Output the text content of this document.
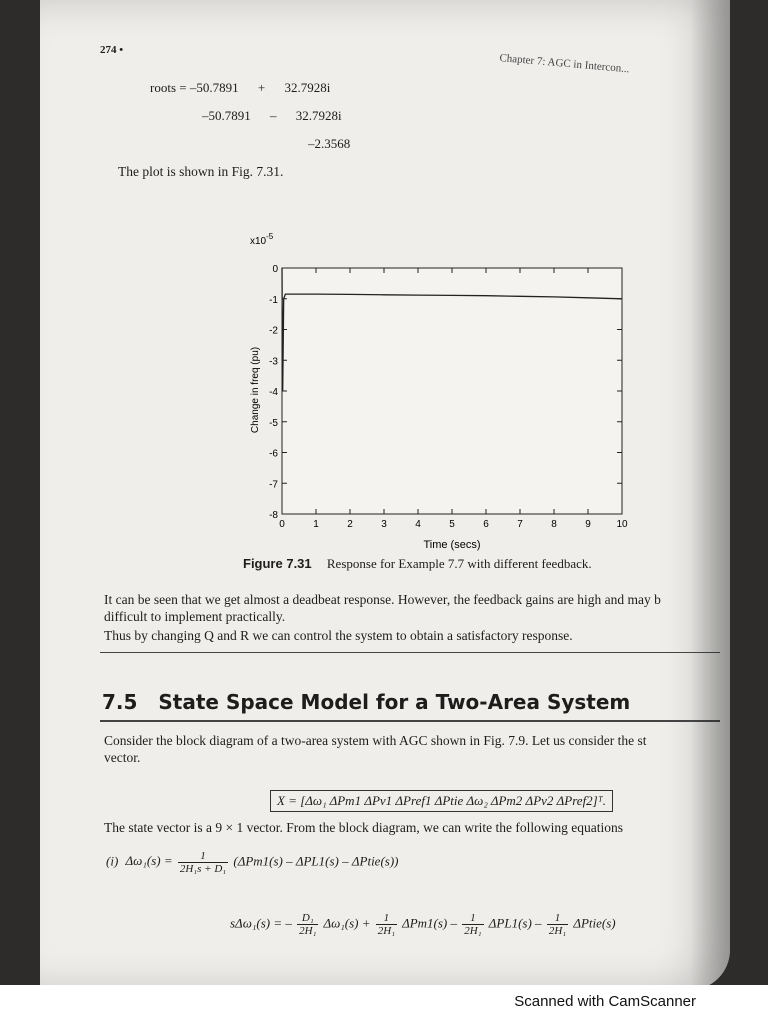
274 •
Chapter 7: AGC in Intercon...
roots = –50.7891 + 32.7928i
–50.7891 – 32.7928i
–2.3568
The plot is shown in Fig. 7.31.
$x10^{-5}$
Change in freq (pu)
Time (secs)
0	1	2	3	4	5	6	7	8	9	10
0
-1
-2
-3
-4
-5
-6
-7
-8
Figure 7.31 Response for Example 7.7 with different feedback.
It can be seen that we get almost a deadbeat response. However, the feedback gains are high and may b
difficult to implement practically.
Thus by changing Q and R we can control the system to obtain a satisfactory response.
7.5 State Space Model for a Two-Area System
Consider the block diagram of a two-area system with AGC shown in Fig. 7.9. Let us consider the st
vector.
X = [Δω₁ ΔPm1 ΔPv1 ΔPref1 ΔPtie Δω₂ ΔPm2 ΔPv2 ΔPref2]ᵀ.
The state vector is a 9 × 1 vector. From the block diagram, we can write the following equations
(i) $\Delta\omega_1(s) = \frac{1}{\text{2H₁s + D₁}} (\Delta Pm1(s) - \Delta PL1(s)$ – ΔPtie(s))
sΔω₁(s) = – $\frac{\text{D₁}}{\text{2H₁}} \Delta\omega_1(s) + \frac{1}{\text{2H₁}} \Delta Pm1(s) - \frac{1}{\text{2H₁}} \Delta PL1(s) - \frac{1}{\text{2H₁}}$ ΔPtie(s)
Scanned with CamScanner
